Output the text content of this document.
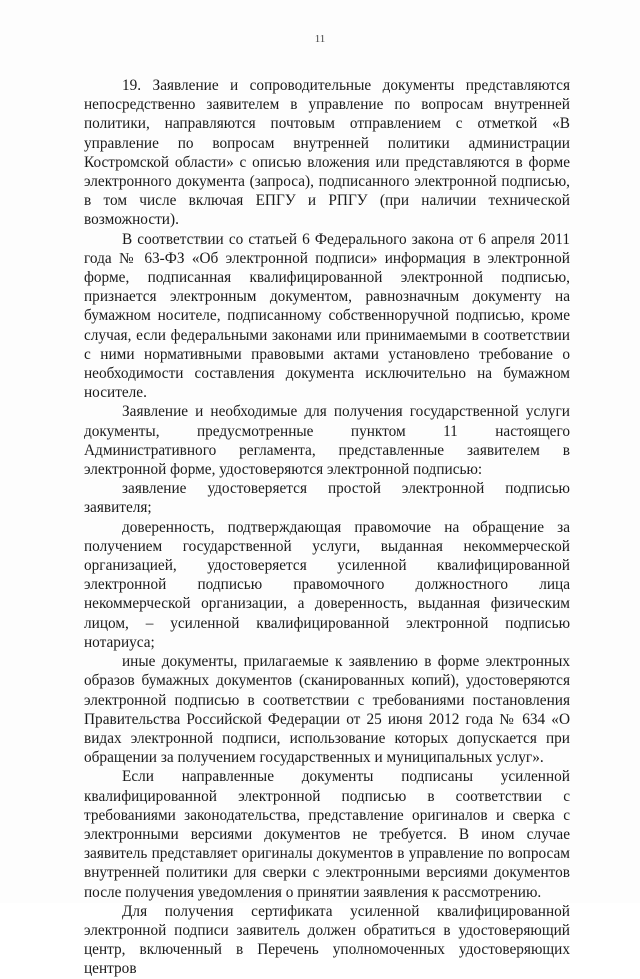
11

19. Заявление и сопроводительные документы представляются непосредственно заявителем в управление по вопросам внутренней политики, направляются почтовым отправлением с отметкой «В управление по вопросам внутренней политики администрации Костромской области» с описью вложения или представляются в форме электронного документа (запроса), подписанного электронной подписью, в том числе включая ЕПГУ и РПГУ (при наличии технической возможности).

В соответствии со статьей 6 Федерального закона от 6 апреля 2011 года № 63-ФЗ «Об электронной подписи» информация в электронной форме, подписанная квалифицированной электронной подписью, признается электронным документом, равнозначным документу на бумажном носителе, подписанному собственноручной подписью, кроме случая, если федеральными законами или принимаемыми в соответствии с ними нормативными правовыми актами установлено требование о необходимости составления документа исключительно на бумажном носителе.

Заявление и необходимые для получения государственной услуги документы, предусмотренные пунктом 11 настоящего Административного регламента, представленные заявителем в электронной форме, удостоверяются электронной подписью:

заявление удостоверяется простой электронной подписью заявителя;

доверенность, подтверждающая правомочие на обращение за получением государственной услуги, выданная некоммерческой организацией, удостоверяется усиленной квалифицированной электронной подписью правомочного должностного лица некоммерческой организации, а доверенность, выданная физическим лицом, – усиленной квалифицированной электронной подписью нотариуса;

иные документы, прилагаемые к заявлению в форме электронных образов бумажных документов (сканированных копий), удостоверяются электронной подписью в соответствии с требованиями постановления Правительства Российской Федерации от 25 июня 2012 года № 634 «О видах электронной подписи, использование которых допускается при обращении за получением государственных и муниципальных услуг».

Если направленные документы подписаны усиленной квалифицированной электронной подписью в соответствии с требованиями законодательства, представление оригиналов и сверка с электронными версиями документов не требуется. В ином случае заявитель представляет оригиналы документов в управление по вопросам внутренней политики для сверки с электронными версиями документов после получения уведомления о принятии заявления к рассмотрению.

Для получения сертификата усиленной квалифицированной электронной подписи заявитель должен обратиться в удостоверяющий центр, включенный в Перечень уполномоченных удостоверяющих центров
